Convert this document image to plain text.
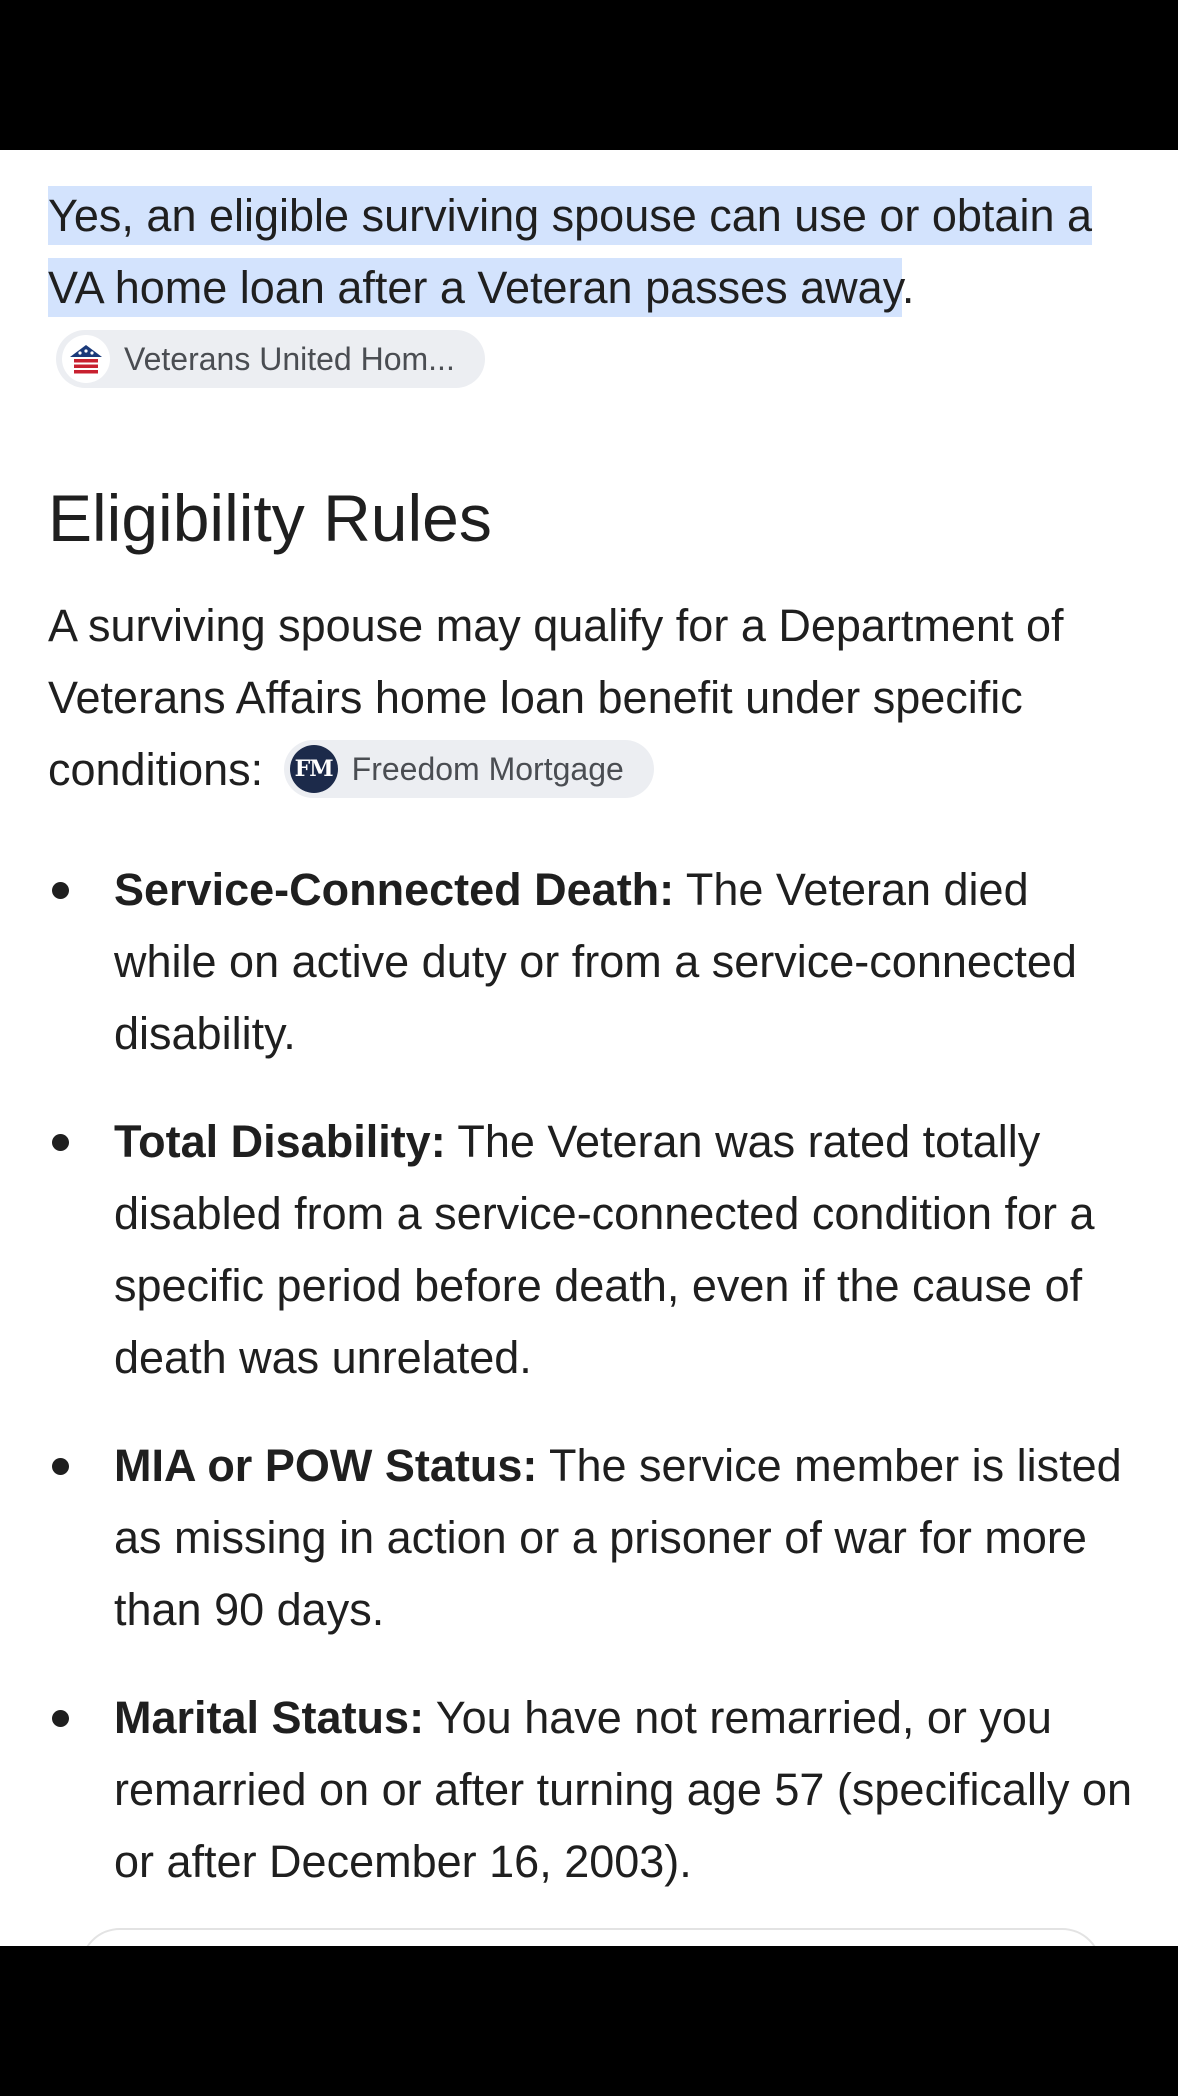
Yes, an eligible surviving spouse can use or obtain a VA home loan after a Veteran passes away.
Veterans United Hom...

Eligibility Rules

A surviving spouse may qualify for a Department of Veterans Affairs home loan benefit under specific conditions: FM Freedom Mortgage

Service-Connected Death: The Veteran died while on active duty or from a service-connected disability.
Total Disability: The Veteran was rated totally disabled from a service-connected condition for a specific period before death, even if the cause of death was unrelated.
MIA or POW Status: The service member is listed as missing in action or a prisoner of war for more than 90 days.
Marital Status: You have not remarried, or you remarried on or after turning age 57 (specifically on or after December 16, 2003).
